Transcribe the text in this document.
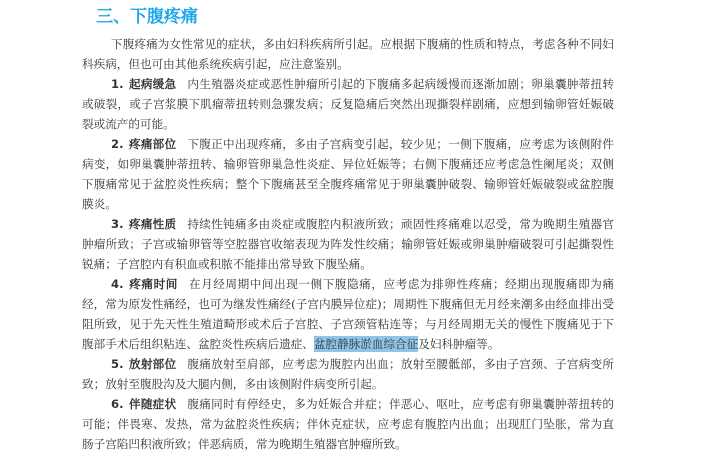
三、下腹疼痛

下腹疼痛为女性常见的症状，多由妇科疾病所引起。应根据下腹痛的性质和特点，考虑各种不同妇科疾病，但也可由其他系统疾病引起，应注意鉴别。

1. 起病缓急 内生殖器炎症或恶性肿瘤所引起的下腹痛多起病缓慢而逐渐加剧；卵巢囊肿蒂扭转或破裂，或子宫浆膜下肌瘤蒂扭转则急骤发病；反复隐痛后突然出现撕裂样剧痛，应想到输卵管妊娠破裂或流产的可能。

2. 疼痛部位 下腹正中出现疼痛，多由子宫病变引起，较少见；一侧下腹痛，应考虑为该侧附件病变，如卵巢囊肿蒂扭转、输卵管卵巢急性炎症、异位妊娠等；右侧下腹痛还应考虑急性阑尾炎；双侧下腹痛常见于盆腔炎性疾病；整个下腹痛甚至全腹疼痛常见于卵巢囊肿破裂、输卵管妊娠破裂或盆腔腹膜炎。

3. 疼痛性质 持续性钝痛多由炎症或腹腔内积液所致；顽固性疼痛难以忍受，常为晚期生殖器官肿瘤所致；子宫或输卵管等空腔器官收缩表现为阵发性绞痛；输卵管妊娠或卵巢肿瘤破裂可引起撕裂性锐痛；子宫腔内有积血或积脓不能排出常导致下腹坠痛。

4. 疼痛时间 在月经周期中间出现一侧下腹隐痛，应考虑为排卵性疼痛；经期出现腹痛即为痛经，常为原发性痛经，也可为继发性痛经(子宫内膜异位症)；周期性下腹痛但无月经来潮多由经血排出受阻所致，见于先天性生殖道畸形或术后子宫腔、子宫颈管粘连等；与月经周期无关的慢性下腹痛见于下腹部手术后组织粘连、盆腔炎性疾病后遗症、盆腔静脉淤血综合征及妇科肿瘤等。

5. 放射部位 腹痛放射至肩部，应考虑为腹腔内出血；放射至腰骶部，多由子宫颈、子宫病变所致；放射至腹股沟及大腿内侧，多由该侧附件病变所引起。

6. 伴随症状 腹痛同时有停经史，多为妊娠合并症；伴恶心、呕吐，应考虑有卵巢囊肿蒂扭转的可能；伴畏寒、发热，常为盆腔炎性疾病；伴休克症状，应考虑有腹腔内出血；出现肛门坠胀，常为直肠子宫陷凹积液所致；伴恶病质，常为晚期生殖器官肿瘤所致。
